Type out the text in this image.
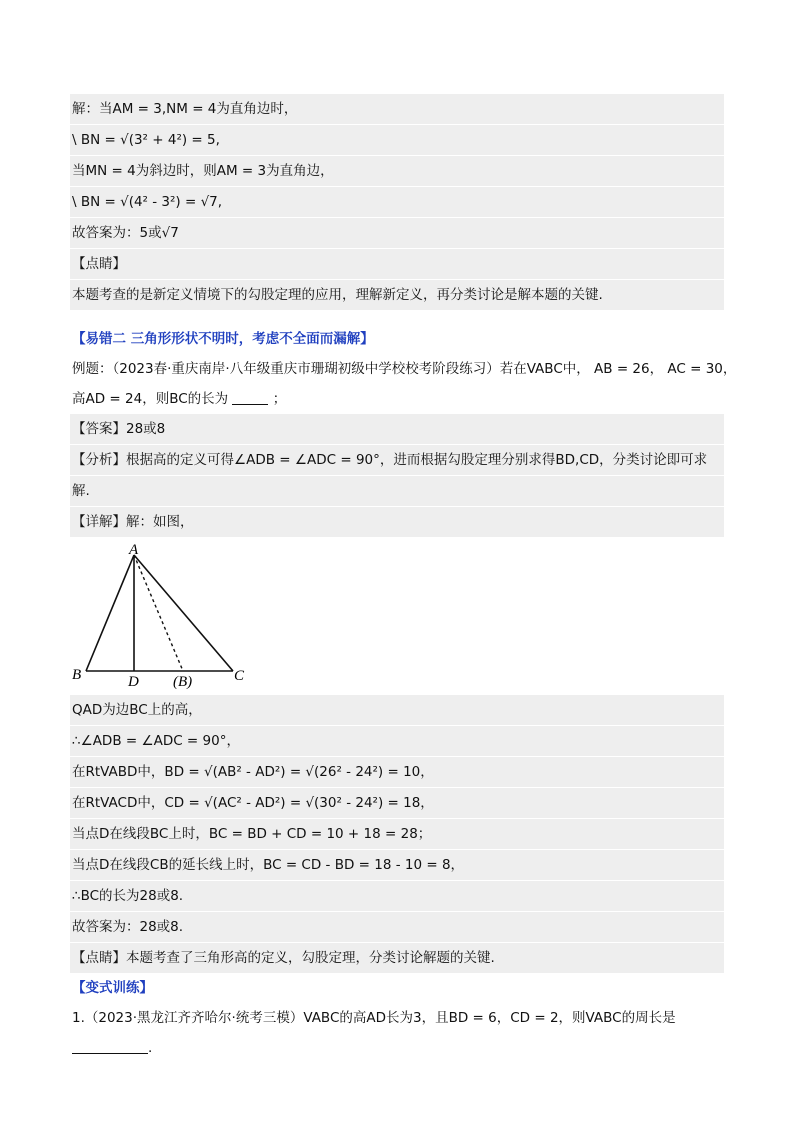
解：当AM = 3,NM = 4为直角边时，
\ BN = √(3² + 4²) = 5,
当MN = 4为斜边时，则AM = 3为直角边，
\ BN = √(4² - 3²) = √7,
故答案为：5或√7
【点睛】
本题考查的是新定义情境下的勾股定理的应用，理解新定义，再分类讨论是解本题的关键.
【易错二 三角形形状不明时，考虑不全面而漏解】
例题：（2023春·重庆南岸·八年级重庆市珊瑚初级中学校校考阶段练习）若在VABC中， AB = 26， AC = 30，
高AD = 24，则BC的长为	；
【答案】28或8
【分析】根据高的定义可得∠ADB = ∠ADC = 90°，进而根据勾股定理分别求得BD,CD，分类讨论即可求
解.
【详解】解：如图，
A
B	D (B)	C
QAD为边BC上的高，
∴∠ADB = ∠ADC = 90°，
在RtVABD中，BD = √(AB² - AD²) = √(26² - 24²) = 10，
在RtVACD中，CD = √(AC² - AD²) = √(30² - 24²) = 18，
当点D在线段BC上时，BC = BD + CD = 10 + 18 = 28；
当点D在线段CB的延长线上时，BC = CD - BD = 18 - 10 = 8，
∴BC的长为28或8.
故答案为：28或8.
【点睛】本题考查了三角形高的定义，勾股定理，分类讨论解题的关键.
【变式训练】
1.（2023·黑龙江齐齐哈尔·统考三模）VABC的高AD长为3，且BD = 6，CD = 2，则VABC的周长是
.
